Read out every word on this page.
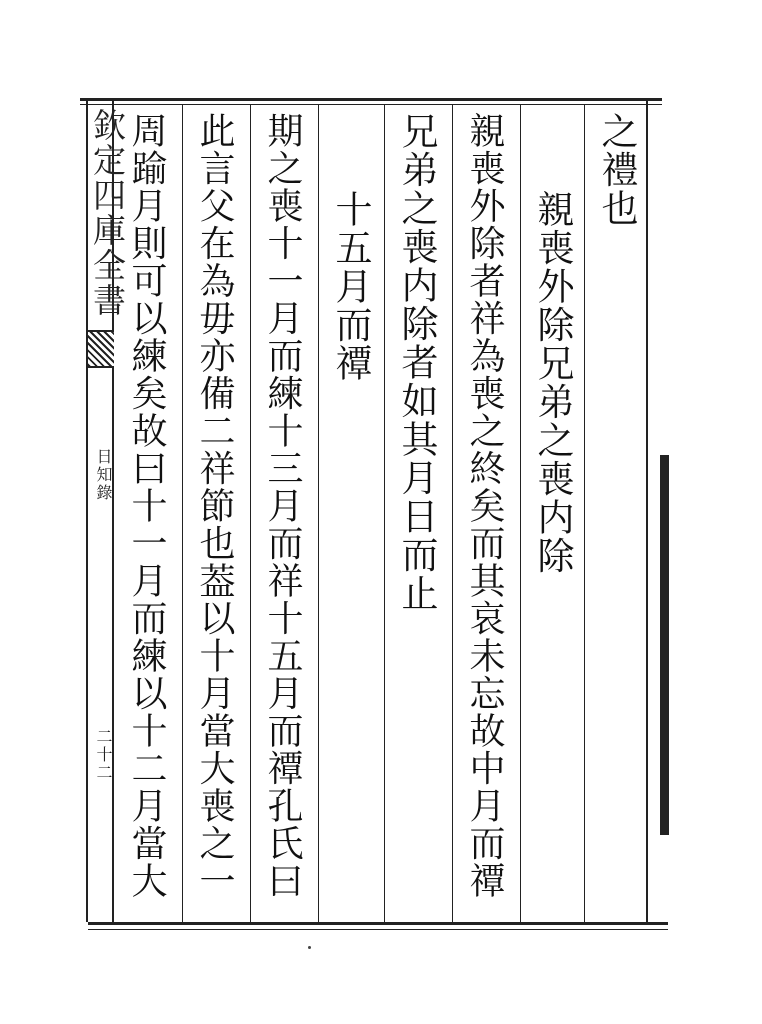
欽定四庫全書
日知錄
二十二
之禮也
親喪外除兄弟之喪内除
親喪外除者祥為喪之終矣而其哀未忘故中月而禫
兄弟之喪内除者如其月日而止
十五月而禫
期之喪十一月而練十三月而祥十五月而禫孔氏曰
此言父在為毋亦備二祥節也葢以十月當大喪之一
周踰月則可以練矣故曰十一月而練以十二月當大
